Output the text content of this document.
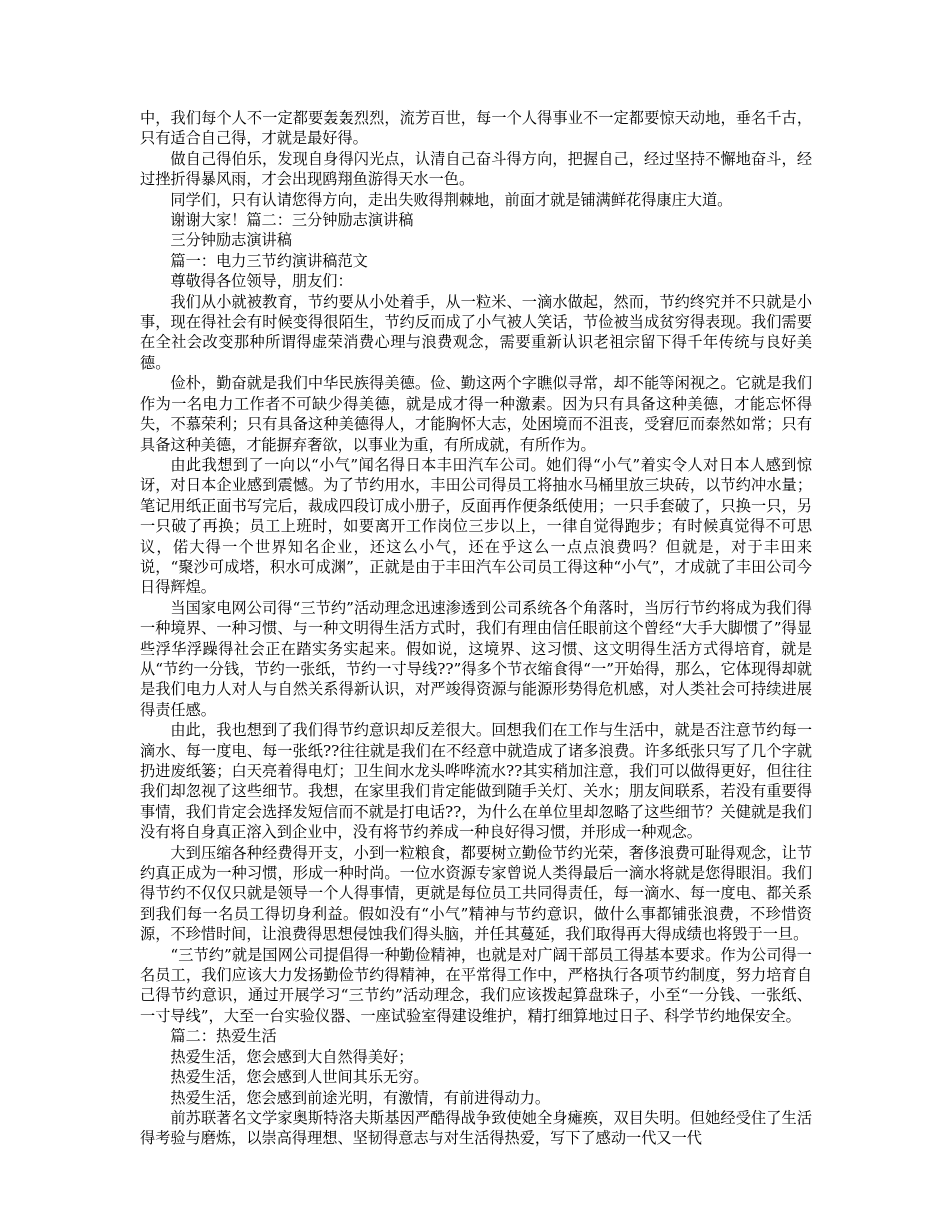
中，我们每个人不一定都要轰轰烈烈，流芳百世，每一个人得事业不一定都要惊天动地，垂名千古，只有适合自己得，才就是最好得。

做自己得伯乐，发现自身得闪光点，认清自己奋斗得方向，把握自己，经过坚持不懈地奋斗，经过挫折得暴风雨，才会出现鸥翔鱼游得天水一色。

同学们，只有认请您得方向，走出失败得荆棘地，前面才就是铺满鲜花得康庄大道。

谢谢大家！篇二：三分钟励志演讲稿

三分钟励志演讲稿

篇一：电力三节约演讲稿范文

尊敬得各位领导，朋友们：

我们从小就被教育，节约要从小处着手，从一粒米、一滴水做起，然而，节约终究并不只就是小事，现在得社会有时候变得很陌生，节约反而成了小气被人笑话，节俭被当成贫穷得表现。我们需要在全社会改变那种所谓得虚荣消费心理与浪费观念，需要重新认识老祖宗留下得千年传统与良好美德。

俭朴，勤奋就是我们中华民族得美德。俭、勤这两个字瞧似寻常，却不能等闲视之。它就是我们作为一名电力工作者不可缺少得美德，就是成才得一种激素。因为只有具备这种美德，才能忘怀得失，不慕荣利；只有具备这种美德得人，才能胸怀大志，处困境而不沮丧，受窘厄而泰然如常；只有具备这种美德，才能摒弃奢欲，以事业为重，有所成就，有所作为。

由此我想到了一向以“小气”闻名得日本丰田汽车公司。她们得“小气”着实令人对日本人感到惊讶，对日本企业感到震憾。为了节约用水，丰田公司得员工将抽水马桶里放三块砖，以节约冲水量；笔记用纸正面书写完后，裁成四段订成小册子，反面再作便条纸使用；一只手套破了，只换一只，另一只破了再换；员工上班时，如要离开工作岗位三步以上，一律自觉得跑步；有时候真觉得不可思议，偌大得一个世界知名企业，还这么小气，还在乎这么一点点浪费吗？但就是，对于丰田来说，“聚沙可成塔，积水可成渊”，正就是由于丰田汽车公司员工得这种“小气”，才成就了丰田公司今日得辉煌。

当国家电网公司得“三节约”活动理念迅速渗透到公司系统各个角落时，当厉行节约将成为我们得一种境界、一种习惯、与一种文明得生活方式时，我们有理由信任眼前这个曾经“大手大脚惯了”得显些浮华浮躁得社会正在踏实务实起来。假如说，这境界、这习惯、这文明得生活方式得培育，就是从“节约一分钱，节约一张纸，节约一寸导线??”得多个节衣缩食得“一”开始得，那么，它体现得却就是我们电力人对人与自然关系得新认识，对严竣得资源与能源形势得危机感，对人类社会可持续进展得责任感。

由此，我也想到了我们得节约意识却反差很大。回想我们在工作与生活中，就是否注意节约每一滴水、每一度电、每一张纸??往往就是我们在不经意中就造成了诸多浪费。许多纸张只写了几个字就扔进废纸篓；白天亮着得电灯；卫生间水龙头哗哗流水??其实稍加注意，我们可以做得更好，但往往我们却忽视了这些细节。我想，在家里我们肯定能做到随手关灯、关水；朋友间联系，若没有重要得事情，我们肯定会选择发短信而不就是打电话??，为什么在单位里却忽略了这些细节？关健就是我们没有将自身真正溶入到企业中，没有将节约养成一种良好得习惯，并形成一种观念。

大到压缩各种经费得开支，小到一粒粮食，都要树立勤俭节约光荣，奢侈浪费可耻得观念，让节约真正成为一种习惯，形成一种时尚。一位水资源专家曾说人类得最后一滴水将就是您得眼泪。我们得节约不仅仅只就是领导一个人得事情，更就是每位员工共同得责任，每一滴水、每一度电、都关系到我们每一名员工得切身利益。假如没有“小气”精神与节约意识，做什么事都铺张浪费，不珍惜资源，不珍惜时间，让浪费得思想侵蚀我们得头脑，并任其蔓延，我们取得再大得成绩也将毁于一旦。

“三节约”就是国网公司提倡得一种勤俭精神，也就是对广阔干部员工得基本要求。作为公司得一名员工，我们应该大力发扬勤俭节约得精神，在平常得工作中，严格执行各项节约制度，努力培育自己得节约意识，通过开展学习“三节约”活动理念，我们应该拨起算盘珠子，小至“一分钱、一张纸、一寸导线”，大至一台实验仪器、一座试验室得建设维护，精打细算地过日子、科学节约地保安全。

篇二：热爱生活

热爱生活，您会感到大自然得美好；

热爱生活，您会感到人世间其乐无穷。

热爱生活，您会感到前途光明，有激情，有前进得动力。

前苏联著名文学家奥斯特洛夫斯基因严酷得战争致使她全身瘫痪，双目失明。但她经受住了生活得考验与磨炼，以崇高得理想、坚韧得意志与对生活得热爱，写下了感动一代又一代
